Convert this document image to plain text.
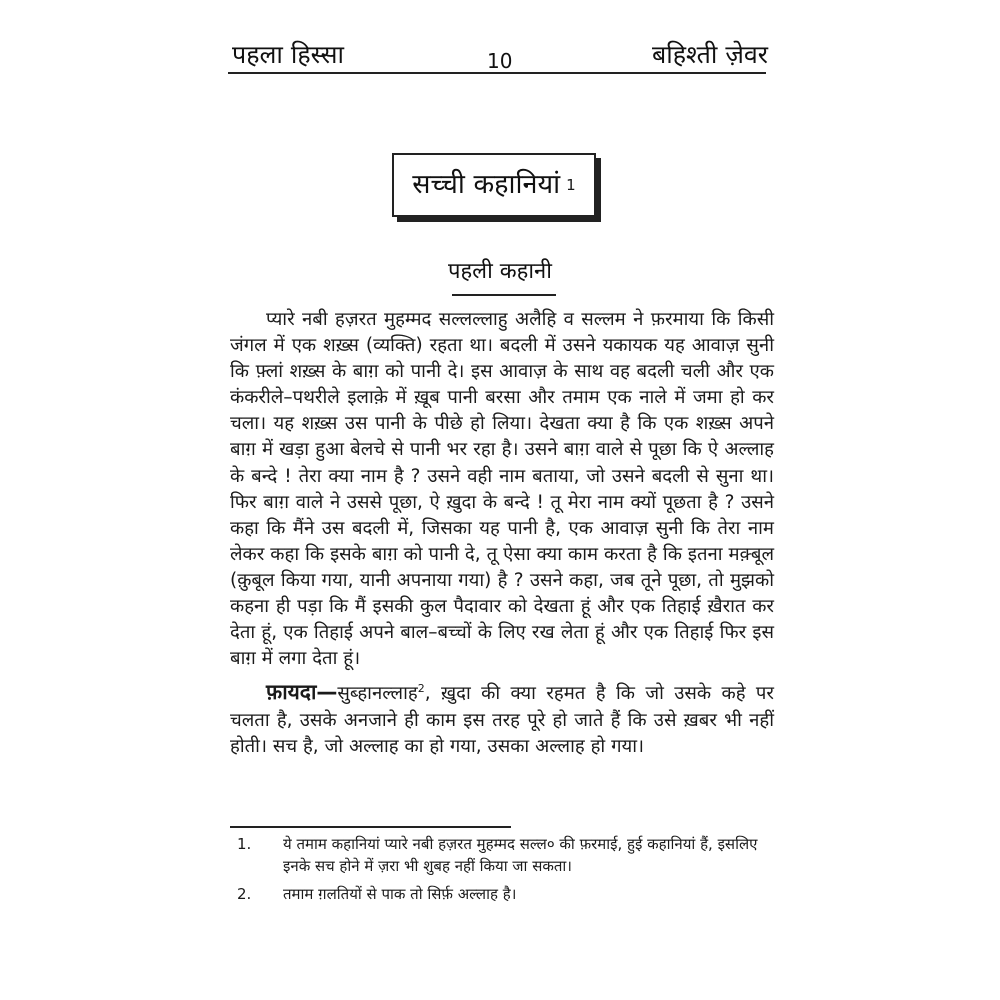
पहला हिस्सा	10	बहिश्ती ज़ेवर
सच्ची कहानियां 1
पहली कहानी

प्यारे नबी हज़रत मुहम्मद सल्लल्लाहु अलैहि व सल्लम ने फ़रमाया कि किसी जंगल में एक शख़्स (व्यक्ति) रहता था। बदली में उसने यकायक यह आवाज़ सुनी कि फ़्लां शख़्स के बाग़ को पानी दे। इस आवाज़ के साथ वह बदली चली और एक कंकरीले–पथरीले इलाक़े में ख़ूब पानी बरसा और तमाम एक नाले में जमा हो कर चला। यह शख़्स उस पानी के पीछे हो लिया। देखता क्या है कि एक शख़्स अपने बाग़ में खड़ा हुआ बेलचे से पानी भर रहा है। उसने बाग़ वाले से पूछा कि ऐ अल्लाह के बन्दे ! तेरा क्या नाम है ? उसने वही नाम बताया, जो उसने बदली से सुना था। फिर बाग़ वाले ने उससे पूछा, ऐ ख़ुदा के बन्दे ! तू मेरा नाम क्यों पूछता है ? उसने कहा कि मैंने उस बदली में, जिसका यह पानी है, एक आवाज़ सुनी कि तेरा नाम लेकर कहा कि इसके बाग़ को पानी दे, तू ऐसा क्या काम करता है कि इतना मक़्बूल (क़ुबूल किया गया, यानी अपनाया गया) है ? उसने कहा, जब तूने पूछा, तो मुझको कहना ही पड़ा कि मैं इसकी कुल पैदावार को देखता हूं और एक तिहाई ख़ैरात कर देता हूं, एक तिहाई अपने बाल–बच्चों के लिए रख लेता हूं और एक तिहाई फिर इस बाग़ में लगा देता हूं।

फ़ायदा—सुब्हानल्लाह$^2$, ख़ुदा की क्या रहमत है कि जो उसके कहे पर चलता है, उसके अनजाने ही काम इस तरह पूरे हो जाते हैं कि उसे ख़बर भी नहीं होती। सच है, जो अल्लाह का हो गया, उसका अल्लाह हो गया।

1.	ये तमाम कहानियां प्यारे नबी हज़रत मुहम्मद सल्ल० की फ़रमाई, हुई कहानियां हैं, इसलिए इनके सच होने में ज़रा भी शुबह नहीं किया जा सकता।
2.	तमाम ग़लतियों से पाक तो सिर्फ़ अल्लाह है।
